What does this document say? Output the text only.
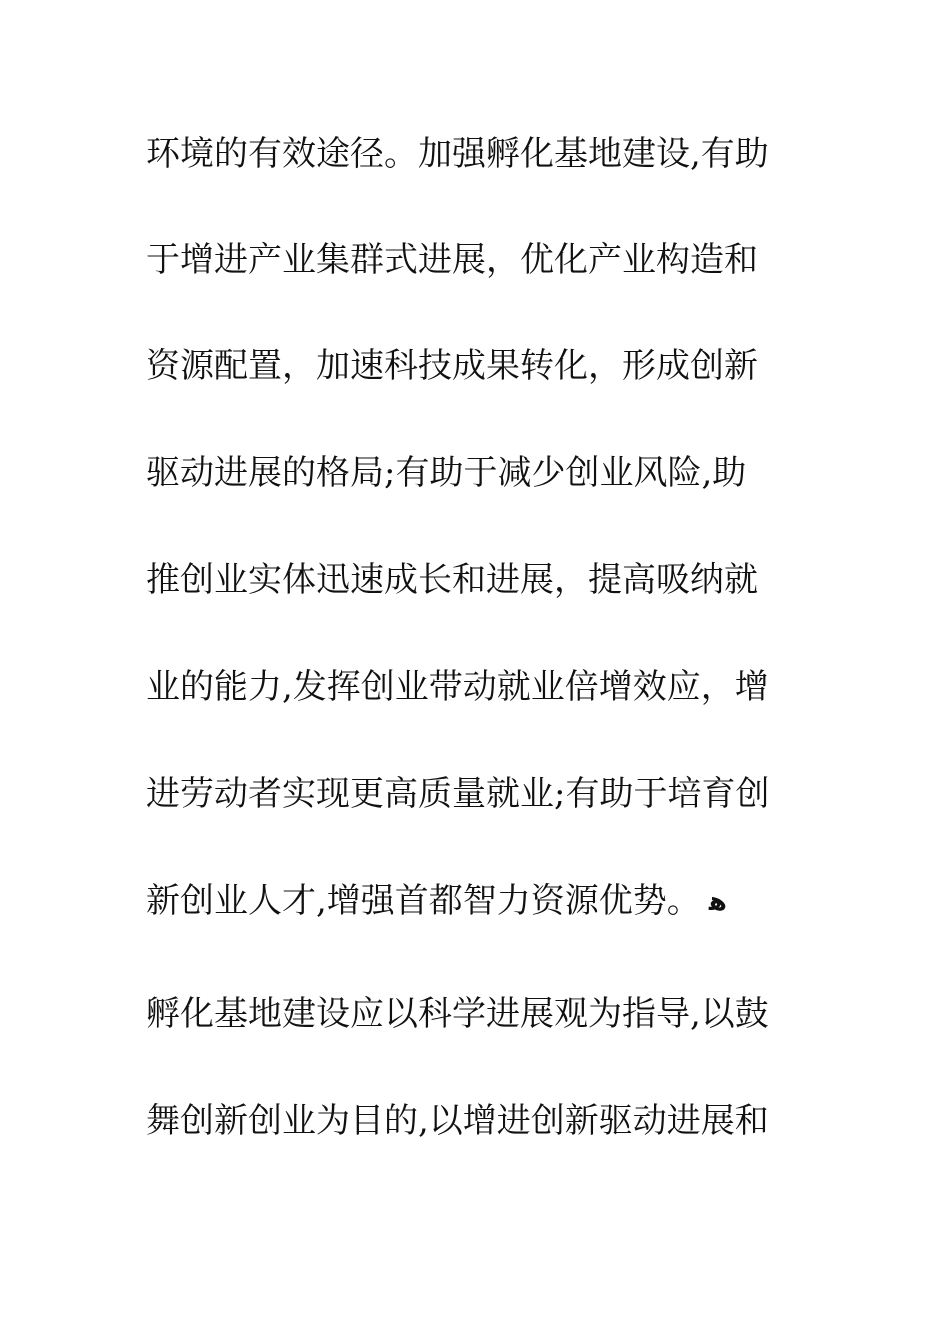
环境的有效途径。加强孵化基地建设,有助
于增进产业集群式进展，优化产业构造和
资源配置，加速科技成果转化，形成创新
驱动进展的格局;有助于减少创业风险,助
推创业实体迅速成长和进展，提高吸纳就
业的能力,发挥创业带动就业倍增效应，增
进劳动者实现更高质量就业;有助于培育创
新创业人才,增强首都智力资源优势。 ﻫ
孵化基地建设应以科学进展观为指导,以鼓
舞创新创业为目的,以增进创新驱动进展和
